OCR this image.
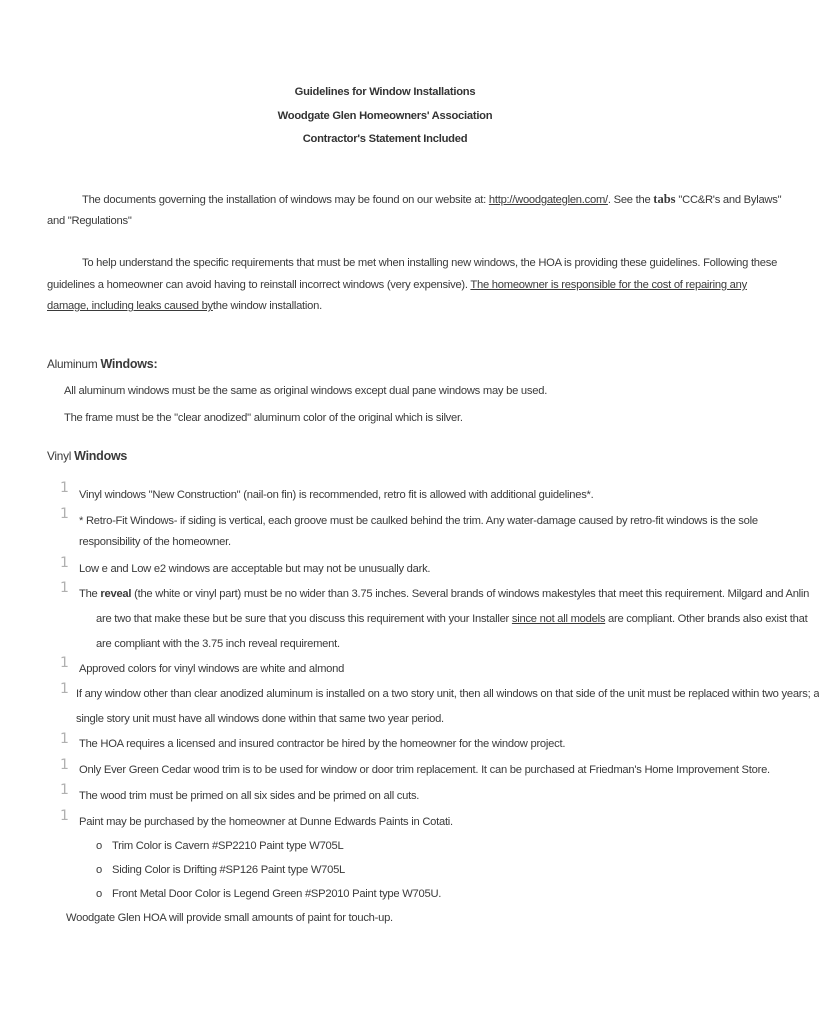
Guidelines for Window Installations
Woodgate Glen Homeowners' Association
Contractor's Statement Included
The documents governing the installation of windows may be found on our website at: http://woodgateglen.com/. See the tabs "CC&R's and Bylaws"
and "Regulations"
To help understand the specific requirements that must be met when installing new windows, the HOA is providing these guidelines. Following these
guidelines a homeowner can avoid having to reinstall incorrect windows (very expensive). The homeowner is responsible for the cost of repairing any
damage, including leaks caused bythe window installation.
Aluminum Windows:
All aluminum windows must be the same as original windows except dual pane windows may be used.
The frame must be the "clear anodized" aluminum color of the original which is silver.
Vinyl Windows
1 Vinyl windows "New Construction" (nail-on fin) is recommended, retro fit is allowed with additional guidelines*.
1 * Retro-Fit Windows- if siding is vertical, each groove must be caulked behind the trim. Any water-damage caused by retro-fit windows is the sole
responsibility of the homeowner.
1 Low e and Low e2 windows are acceptable but may not be unusually dark.
1 The reveal (the white or vinyl part) must be no wider than 3.75 inches. Several brands of windows makestyles that meet this requirement. Milgard and Anlin
are two that make these but be sure that you discuss this requirement with your Installer since not all models are compliant. Other brands also exist that
are compliant with the 3.75 inch reveal requirement.
1 Approved colors for vinyl windows are white and almond
1 If any window other than clear anodized aluminum is installed on a two story unit, then all windows on that side of the unit must be replaced within two years; a
single story unit must have all windows done within that same two year period.
1 The HOA requires a licensed and insured contractor be hired by the homeowner for the window project.
1 Only Ever Green Cedar wood trim is to be used for window or door trim replacement. It can be purchased at Friedman's Home Improvement Store.
1 The wood trim must be primed on all six sides and be primed on all cuts.
1 Paint may be purchased by the homeowner at Dunne Edwards Paints in Cotati.
o Trim Color is Cavern #SP2210 Paint type W705L
o Siding Color is Drifting #SP126 Paint type W705L
o Front Metal Door Color is Legend Green #SP2010 Paint type W705U.
Woodgate Glen HOA will provide small amounts of paint for touch-up.
